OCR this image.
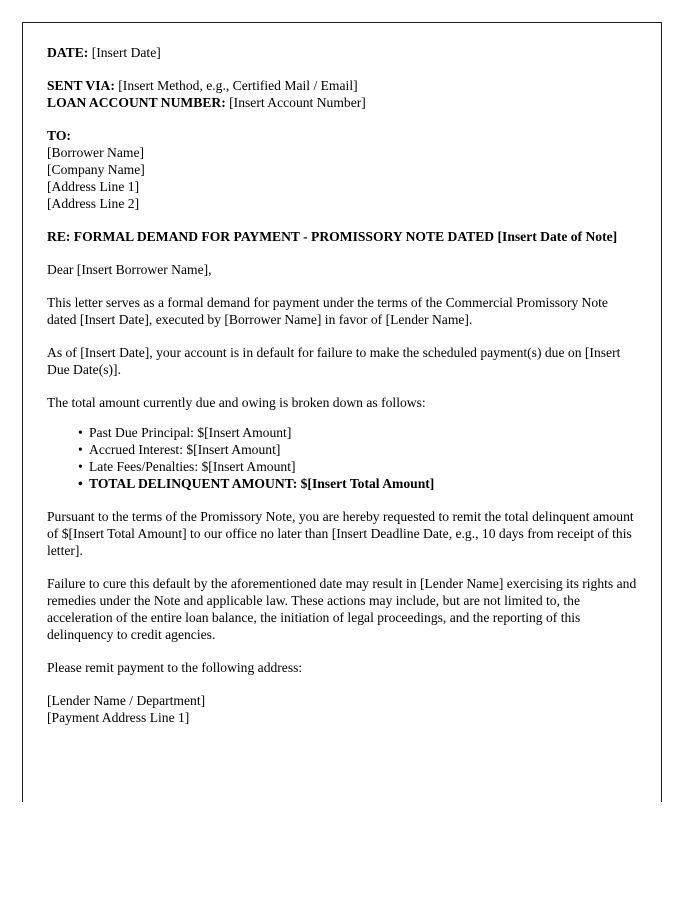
DATE: [Insert Date]

SENT VIA: [Insert Method, e.g., Certified Mail / Email]

LOAN ACCOUNT NUMBER: [Insert Account Number]

TO:

[Borrower Name]

[Company Name]

[Address Line 1]

[Address Line 2]

RE: FORMAL DEMAND FOR PAYMENT - PROMISSORY NOTE DATED [Insert Date of Note]

Dear [Insert Borrower Name],

This letter serves as a formal demand for payment under the terms of the Commercial Promissory Note dated [Insert Date], executed by [Borrower Name] in favor of [Lender Name].

As of [Insert Date], your account is in default for failure to make the scheduled payment(s) due on [Insert Due Date(s)].

The total amount currently due and owing is broken down as follows:

• Past Due Principal: $[Insert Amount]
• Accrued Interest: $[Insert Amount]
• Late Fees/Penalties: $[Insert Amount]
• TOTAL DELINQUENT AMOUNT: $[Insert Total Amount]

Pursuant to the terms of the Promissory Note, you are hereby requested to remit the total delinquent amount of $[Insert Total Amount] to our office no later than [Insert Deadline Date, e.g., 10 days from receipt of this letter].

Failure to cure this default by the aforementioned date may result in [Lender Name] exercising its rights and remedies under the Note and applicable law. These actions may include, but are not limited to, the acceleration of the entire loan balance, the initiation of legal proceedings, and the reporting of this delinquency to credit agencies.

Please remit payment to the following address:

[Lender Name / Department]

[Payment Address Line 1]
